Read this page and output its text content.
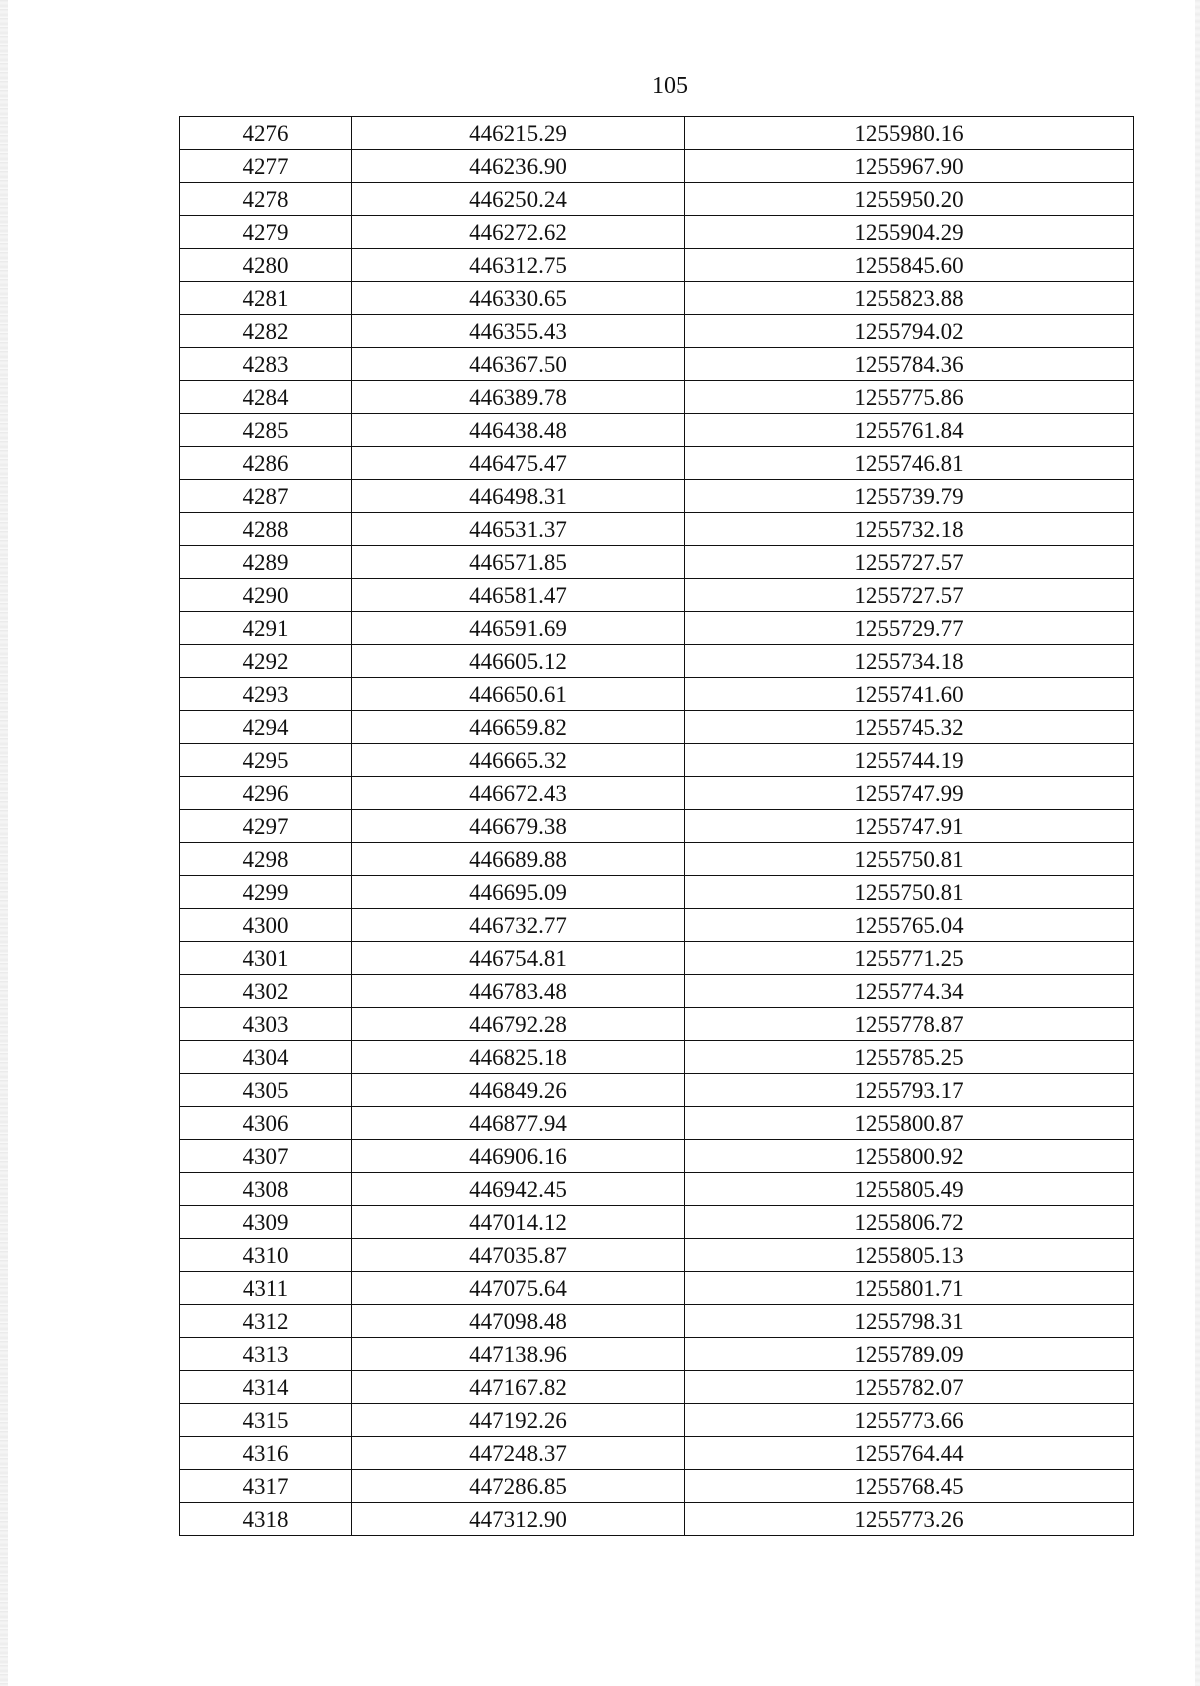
105
4276	446215.29	1255980.16
4277	446236.90	1255967.90
4278	446250.24	1255950.20
4279	446272.62	1255904.29
4280	446312.75	1255845.60
4281	446330.65	1255823.88
4282	446355.43	1255794.02
4283	446367.50	1255784.36
4284	446389.78	1255775.86
4285	446438.48	1255761.84
4286	446475.47	1255746.81
4287	446498.31	1255739.79
4288	446531.37	1255732.18
4289	446571.85	1255727.57
4290	446581.47	1255727.57
4291	446591.69	1255729.77
4292	446605.12	1255734.18
4293	446650.61	1255741.60
4294	446659.82	1255745.32
4295	446665.32	1255744.19
4296	446672.43	1255747.99
4297	446679.38	1255747.91
4298	446689.88	1255750.81
4299	446695.09	1255750.81
4300	446732.77	1255765.04
4301	446754.81	1255771.25
4302	446783.48	1255774.34
4303	446792.28	1255778.87
4304	446825.18	1255785.25
4305	446849.26	1255793.17
4306	446877.94	1255800.87
4307	446906.16	1255800.92
4308	446942.45	1255805.49
4309	447014.12	1255806.72
4310	447035.87	1255805.13
4311	447075.64	1255801.71
4312	447098.48	1255798.31
4313	447138.96	1255789.09
4314	447167.82	1255782.07
4315	447192.26	1255773.66
4316	447248.37	1255764.44
4317	447286.85	1255768.45
4318	447312.90	1255773.26
